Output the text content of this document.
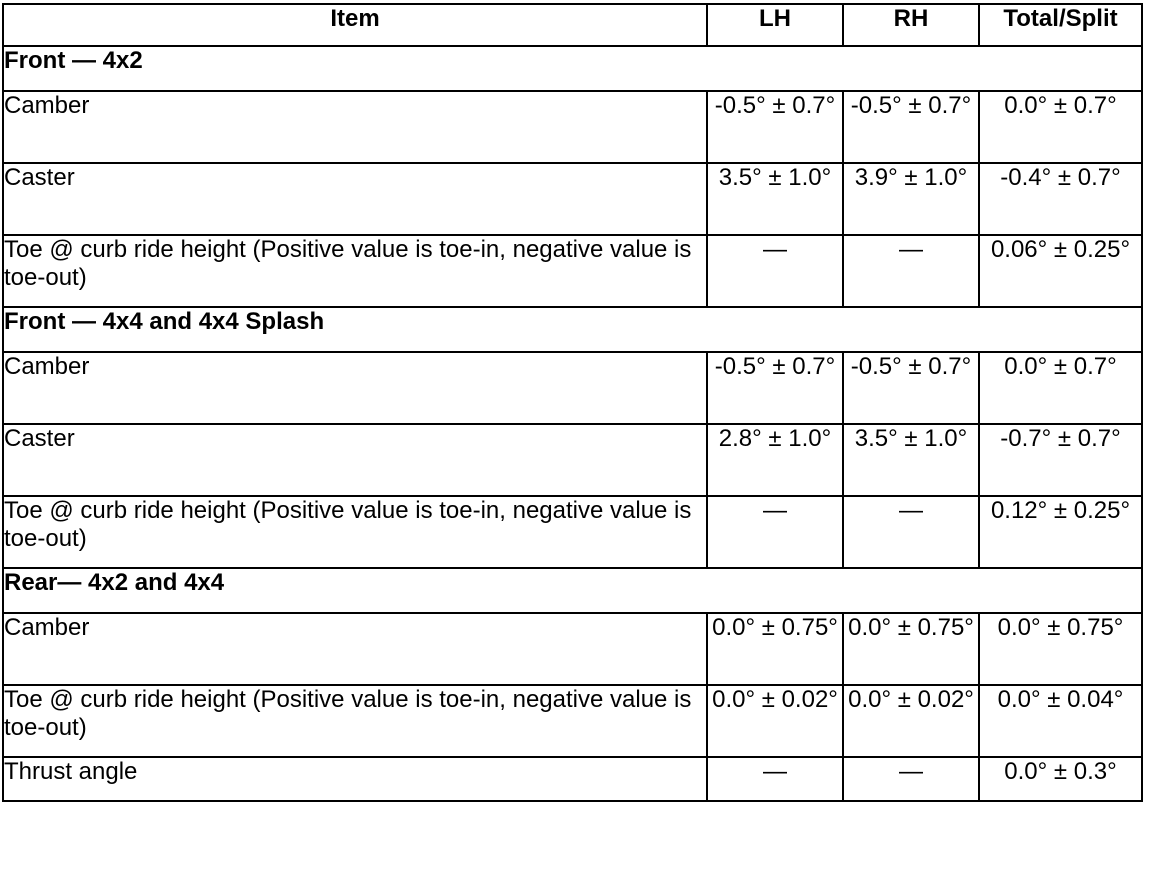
Item	LH	RH	Total/Split
Front — 4x2			
Camber	-0.5° ± 0.7°	-0.5° ± 0.7°	0.0° ± 0.7°
Caster	3.5° ± 1.0°	3.9° ± 1.0°	-0.4° ± 0.7°
Toe @ curb ride height (Positive value is toe-in, negative value is toe-out)	—	—	0.06° ± 0.25°
Front — 4x4 and 4x4 Splash			
Camber	-0.5° ± 0.7°	-0.5° ± 0.7°	0.0° ± 0.7°
Caster	2.8° ± 1.0°	3.5° ± 1.0°	-0.7° ± 0.7°
Toe @ curb ride height (Positive value is toe-in, negative value is toe-out)	—	—	0.12° ± 0.25°
Rear— 4x2 and 4x4			
Camber	0.0° ± 0.75°	0.0° ± 0.75°	0.0° ± 0.75°
Toe @ curb ride height (Positive value is toe-in, negative value is toe-out)	0.0° ± 0.02°	0.0° ± 0.02°	0.0° ± 0.04°
Thrust angle	—	—	0.0° ± 0.3°
